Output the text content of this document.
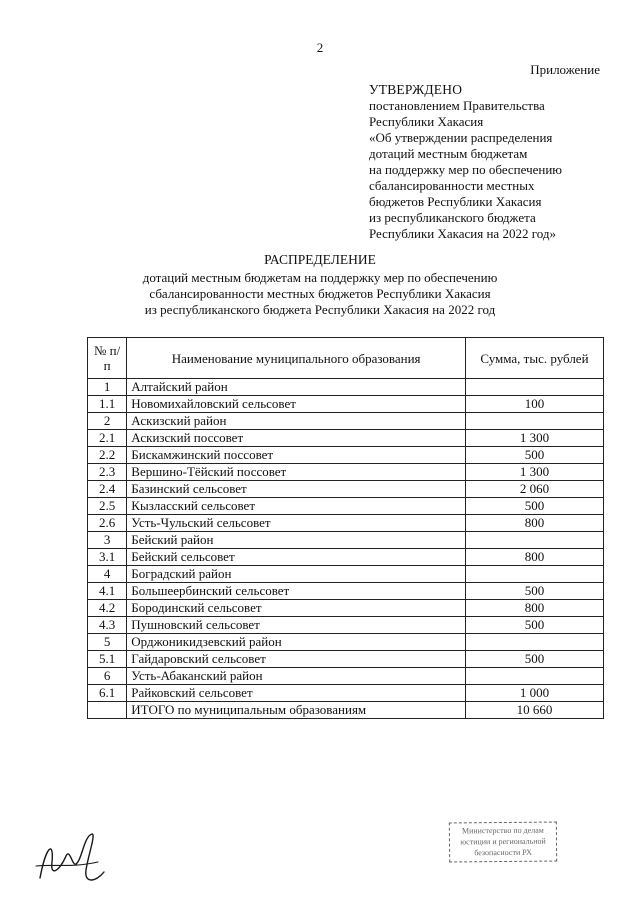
2
Приложение
УТВЕРЖДЕНО
постановлением Правительства
Республики Хакасия
«Об утверждении распределения
дотаций местным бюджетам
на поддержку мер по обеспечению
сбалансированности местных
бюджетов Республики Хакасия
из республиканского бюджета
Республики Хакасия на 2022 год»
РАСПРЕДЕЛЕНИЕ
дотаций местным бюджетам на поддержку мер по обеспечению
сбалансированности местных бюджетов Республики Хакасия
из республиканского бюджета Республики Хакасия на 2022 год
№ п/п	Наименование муниципального образования	Сумма, тыс. рублей
1	Алтайский район	
1.1	Новомихайловский сельсовет	100
2	Аскизский район	
2.1	Аскизский поссовет	1 300
2.2	Бискамжинский поссовет	500
2.3	Вершино-Тёйский поссовет	1 300
2.4	Базинский сельсовет	2 060
2.5	Кызласский сельсовет	500
2.6	Усть-Чульский сельсовет	800
3	Бейский район	
3.1	Бейский сельсовет	800
4	Боградский район	
4.1	Большеербинский сельсовет	500
4.2	Бородинский сельсовет	800
4.3	Пушновский сельсовет	500
5	Орджоникидзевский район	
5.1	Гайдаровский сельсовет	500
6	Усть-Абаканский район	
6.1	Райковский сельсовет	1 000
	ИТОГО по муниципальным образованиям	10 660
Министерство по делам
юстиции и региональной
безопасности РХ
